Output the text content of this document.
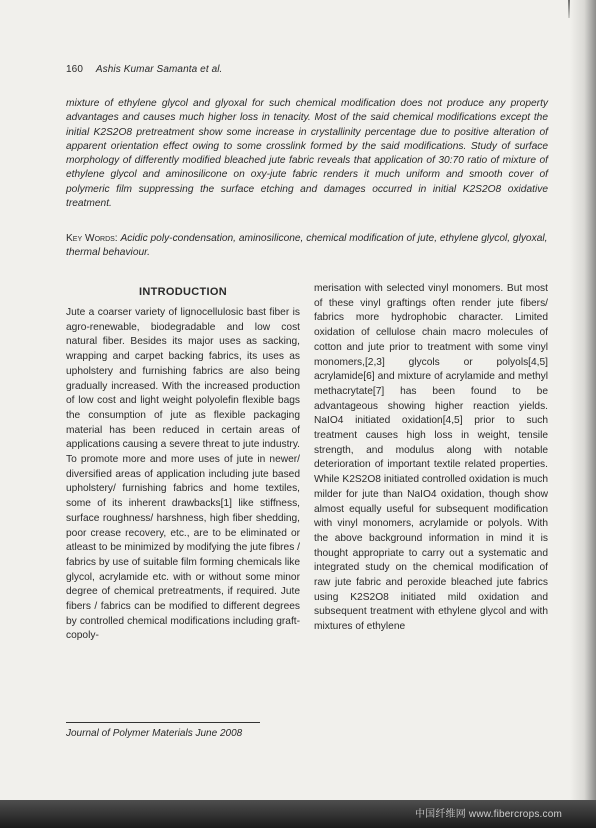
160 Ashis Kumar Samanta et al.

mixture of ethylene glycol and glyoxal for such chemical modification does not produce any property advantages and causes much higher loss in tenacity. Most of the said chemical modifications except the initial K2S2O8 pretreatment show some increase in crystallinity percentage due to positive alteration of apparent orientation effect owing to some crosslink formed by the said modifications. Study of surface morphology of differently modified bleached jute fabric reveals that application of 30:70 ratio of mixture of ethylene glycol and aminosilicone on oxy-jute fabric renders it much uniform and smooth cover of polymeric film suppressing the surface etching and damages occurred in initial K2S2O8 oxidative treatment.

Key Words: Acidic poly-condensation, aminosilicone, chemical modification of jute, ethylene glycol, glyoxal, thermal behaviour.

INTRODUCTION

Jute a coarser variety of lignocellulosic bast fiber is agro-renewable, biodegradable and low cost natural fiber. Besides its major uses as sacking, wrapping and carpet backing fabrics, its uses as upholstery and furnishing fabrics are also being gradually increased. With the increased production of low cost and light weight polyolefin flexible bags the consumption of jute as flexible packaging material has been reduced in certain areas of applications causing a severe threat to jute industry. To promote more and more uses of jute in newer/ diversified areas of application including jute based upholstery/ furnishing fabrics and home textiles, some of its inherent drawbacks[1] like stiffness, surface roughness/ harshness, high fiber shedding, poor crease recovery, etc., are to be eliminated or atleast to be minimized by modifying the jute fibres / fabrics by use of suitable film forming chemicals like glycol, acrylamide etc. with or without some minor degree of chemical pretreatments, if required. Jute fibers / fabrics can be modified to different degrees by controlled chemical modifications including graft-copoly-

merisation with selected vinyl monomers. But most of these vinyl graftings often render jute fibers/ fabrics more hydrophobic character. Limited oxidation of cellulose chain macro molecules of cotton and jute prior to treatment with some vinyl monomers,[2,3] glycols or polyols[4,5] acrylamide[6] and mixture of acrylamide and methyl methacrytate[7] has been found to be advantageous showing higher reaction yields. NaIO4 initiated oxidation[4,5] prior to such treatment causes high loss in weight, tensile strength, and modulus along with notable deterioration of important textile related properties. While K2S2O8 initiated controlled oxidation is much milder for jute than NaIO4 oxidation, though show almost equally useful for subsequent modification with vinyl monomers, acrylamide or polyols. With the above background information in mind it is thought appropriate to carry out a systematic and integrated study on the chemical modification of raw jute fabric and peroxide bleached jute fabrics using K2S2O8 initiated mild oxidation and subsequent treatment with ethylene glycol and with mixtures of ethylene

Journal of Polymer Materials June 2008
中国纤维网 www.fibercrops.com
